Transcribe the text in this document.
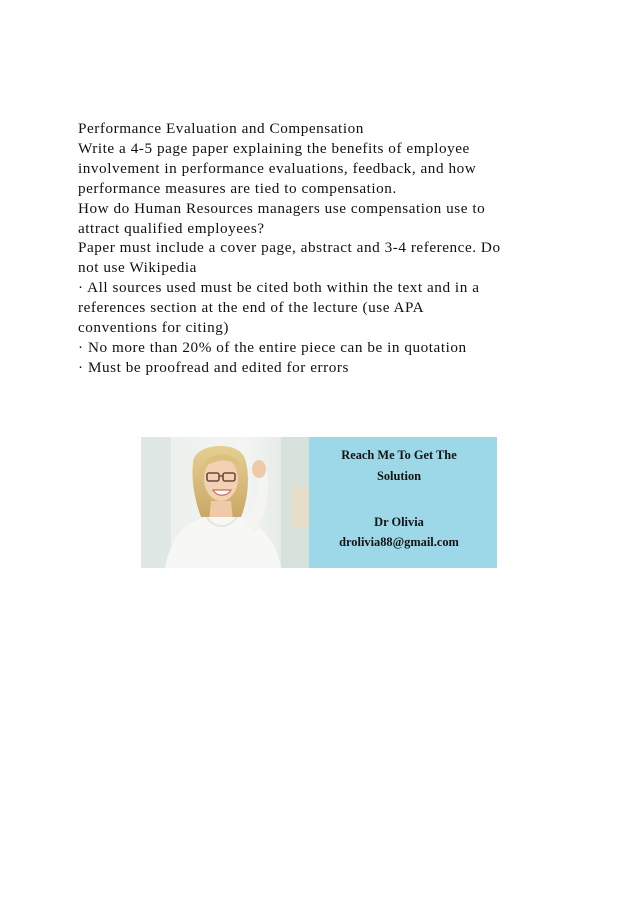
Performance Evaluation and Compensation
Write a 4-5 page paper explaining the benefits of employee
involvement in performance evaluations, feedback, and how
performance measures are tied to compensation.
How do Human Resources managers use compensation use to
attract qualified employees?
Paper must include a cover page, abstract and 3-4 reference. Do
not use Wikipedia
· All sources used must be cited both within the text and in a
references section at the end of the lecture (use APA
conventions for citing)
· No more than 20% of the entire piece can be in quotation
· Must be proofread and edited for errors
Reach Me To Get The
Solution
Dr Olivia
drolivia88@gmail.com
